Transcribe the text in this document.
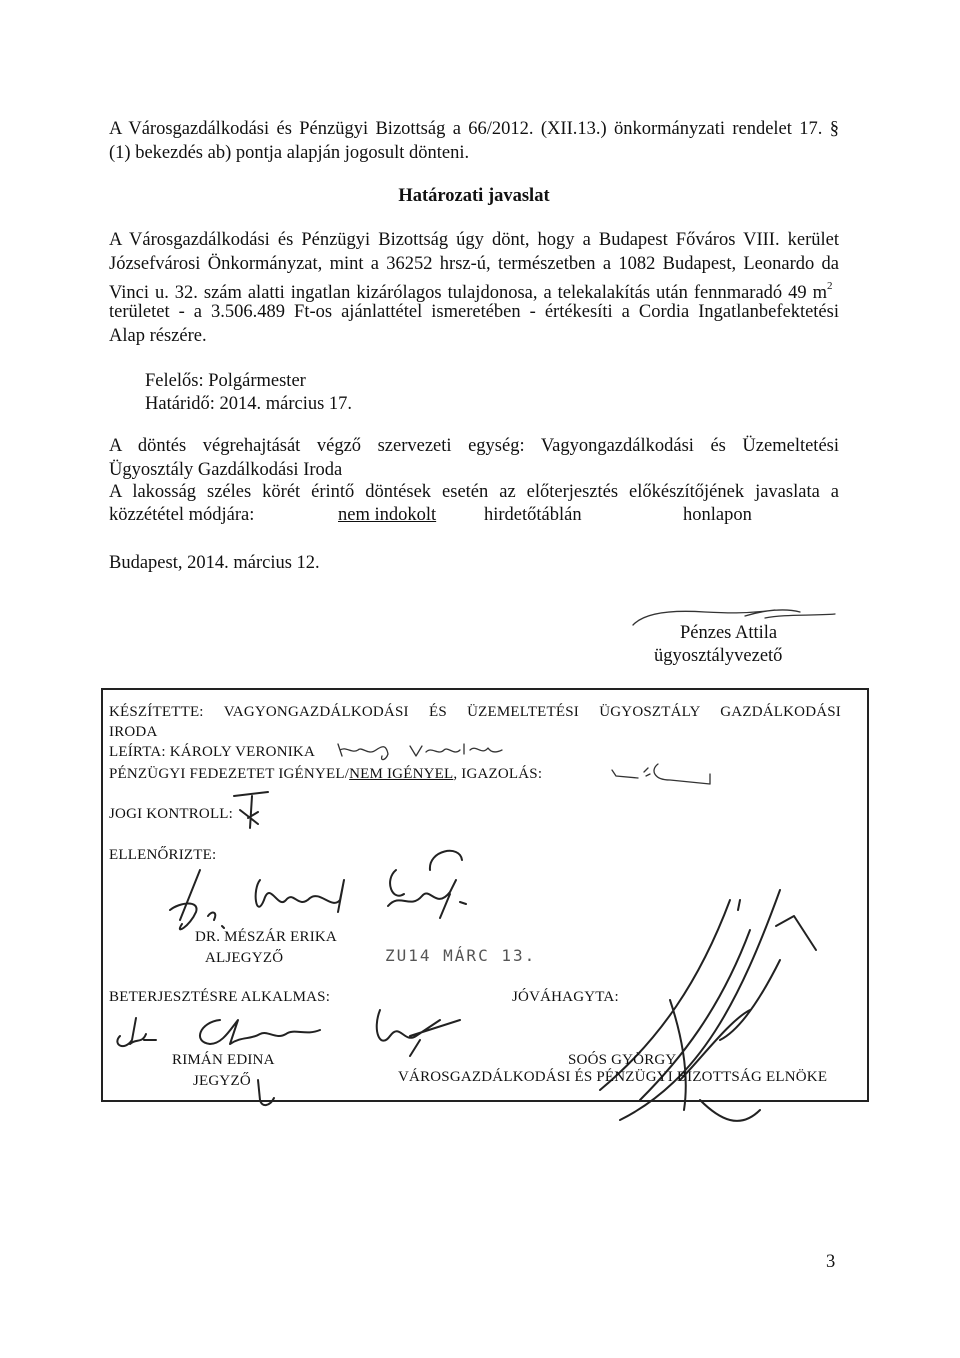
A Városgazdálkodási és Pénzügyi Bizottság a 66/2012. (XII.13.) önkormányzati rendelet 17. §
(1) bekezdés ab) pontja alapján jogosult dönteni.
Határozati javaslat
A Városgazdálkodási és Pénzügyi Bizottság úgy dönt, hogy a Budapest Főváros VIII. kerület
Józsefvárosi Önkormányzat, mint a 36252 hrsz-ú, természetben a 1082 Budapest, Leonardo da
Vinci u. 32. szám alatti ingatlan kizárólagos tulajdonosa, a telekalakítás után fennmaradó 49 $m^2$
területet - a 3.506.489 Ft-os ajánlattétel ismeretében - értékesíti a Cordia Ingatlanbefektetési
Alap részére.
Felelős: Polgármester
Határidő: 2014. március 17.
A döntés végrehajtását végző szervezeti egység: Vagyongazdálkodási és Üzemeltetési
Ügyosztály Gazdálkodási Iroda
A lakosság széles körét érintő döntések esetén az előterjesztés előkészítőjének javaslata a
közzététel módjára:	nem indokolt	hirdetőtáblán	honlapon
Budapest, 2014. március 12.
Pénzes Attila
ügyosztályvezető
KÉSZÍTETTE: VAGYONGAZDÁLKODÁSI ÉS ÜZEMELTETÉSI ÜGYOSZTÁLY GAZDÁLKODÁSI
IRODA
LEÍRTA: KÁROLY VERONIKA
PÉNZÜGYI FEDEZETET IGÉNYEL/NEM IGÉNYEL, IGAZOLÁS:
JOGI KONTROLL:
ELLENŐRIZTE:
DR. MÉSZÁR ERIKA
ALJEGYZŐ	ZU14 MÁRC 13.
BETERJESZTÉSRE ALKALMAS:	JÓVÁHAGYTA:
RIMÁN EDINA
JEGYZŐ
SOÓS GYÖRGY
VÁROSGAZDÁLKODÁSI ÉS PÉNZÜGYI BIZOTTSÁG ELNÖKE
3
